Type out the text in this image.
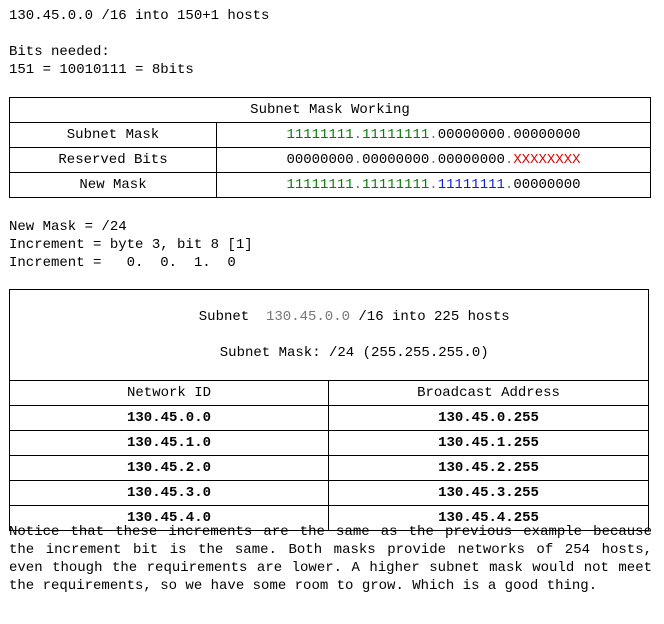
130.45.0.0 /16 into 150+1 hosts
Bits needed:
151 = 10010111 = 8bits
Subnet Mask Working	
Subnet Mask	11111111.11111111.00000000.00000000
Reserved Bits	00000000.00000000.00000000.XXXXXXXX
New Mask	11111111.11111111.11111111.00000000
New Mask = /24
Increment = byte 3, bit 8 [1]
Increment =   0.  0.  1.  0

Subnet  130.45.0.0 /16 into 225 hosts

Subnet Mask: /24 (255.255.255.0)	

Network ID	Broadcast Address
130.45.0.0	130.45.0.255
130.45.1.0	130.45.1.255
130.45.2.0	130.45.2.255
130.45.3.0	130.45.3.255
130.45.4.0	130.45.4.255
Notice that these increments are the same as the previous example because the increment bit is the same. Both masks provide networks of 254 hosts, even though the requirements are lower. A higher subnet mask would not meet the requirements, so we have some room to grow. Which is a good thing.
